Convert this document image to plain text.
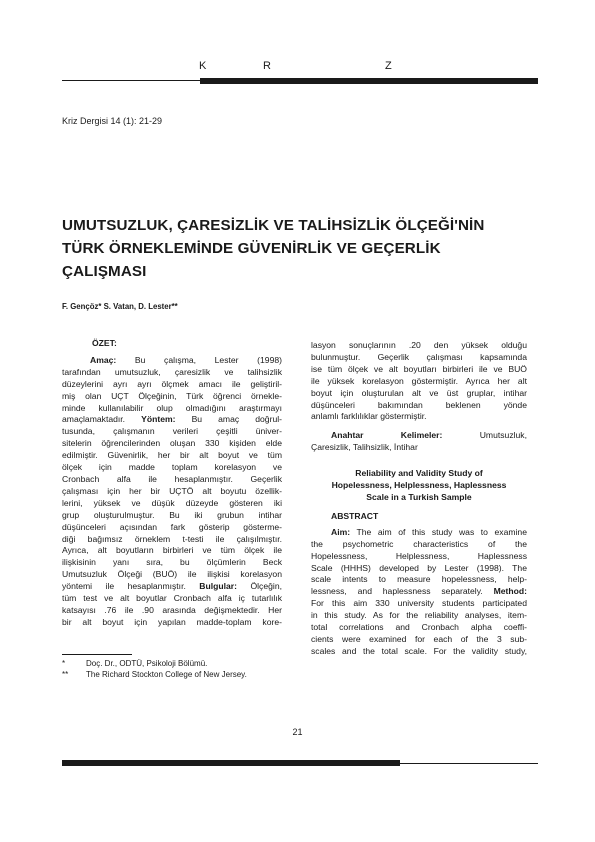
K	R	Z
Kriz Dergisi 14 (1): 21-29
UMUTSUZLUK, ÇARESİZLİK VE TALİHSİZLİK ÖLÇEĞİ'NİN
TÜRK ÖRNEKLEMİNDE GÜVENİRLİK VE GEÇERLİK
ÇALIŞMASI
F. Gençöz* S. Vatan, D. Lester**
ÖZET:
Amaç: Bu çalışma, Lester (1998)
tarafından umutsuzluk, çaresizlik ve talihsizlik
düzeylerini ayrı ayrı ölçmek amacı ile geliştiril-
miş olan UÇT Ölçeğinin, Türk öğrenci örnekle-
minde kullanılabilir olup olmadığını araştırmayı
amaçlamaktadır. Yöntem: Bu amaç doğrul-
tusunda, çalışmanın verileri çeşitli üniver-
sitelerin öğrencilerinden oluşan 330 kişiden elde
edilmiştir. Güvenirlik, her bir alt boyut ve tüm
ölçek için madde toplam korelasyon ve
Cronbach alfa ile hesaplanmıştır. Geçerlik
çalışması için her bir UÇTÖ alt boyutu özellik-
lerini, yüksek ve düşük düzeyde gösteren iki
grup oluşturulmuştur. Bu iki grubun intihar
düşünceleri açısından fark gösterip gösterme-
diği bağımsız örneklem t-testi ile çalışılmıştır.
Ayrıca, alt boyutların birbirleri ve tüm ölçek ile
ilişkisinin yanı sıra, bu ölçümlerin Beck
Umutsuzluk Ölçeği (BUÖ) ile ilişkisi korelasyon
yöntemi ile hesaplanmıştır. Bulgular: Ölçeğin,
tüm test ve alt boyutlar Cronbach alfa iç tutarlılık
katsayısı .76 ile .90 arasında değişmektedir. Her
bir alt boyut için yapılan madde-toplam kore-
lasyon sonuçlarının .20 den yüksek olduğu
bulunmuştur. Geçerlik çalışması kapsamında
ise tüm ölçek ve alt boyutları birbirleri ile ve BUÖ
ile yüksek korelasyon göstermiştir. Ayrıca her alt
boyut için oluşturulan alt ve üst gruplar, intihar
düşünceleri bakımından beklenen yönde
anlamlı farklılıklar göstermiştir.
Anahtar Kelimeler:	Umutsuzluk,
Çaresizlik, Talihsizlik, İntihar
Reliability and Validity Study of
Hopelessness, Helplessness, Haplessness
Scale in a Turkish Sample
ABSTRACT
Aim: The aim of this study was to examine
the psychometric characteristics of the
Hopelessness, Helplessness, Haplessness
Scale (HHHS) developed by Lester (1998). The
scale intents to measure hopelessness, help-
lessness, and haplessness separately. Method:
For this aim 330 university students participated
in this study. As for the reliability analyses, item-
total correlations and Cronbach alpha coeffi-
cients were examined for each of the 3 sub-
scales and the total scale. For the validity study,
*	Doç. Dr., ODTÜ, Psikoloji Bölümü.
** The Richard Stockton College of New Jersey.
21
